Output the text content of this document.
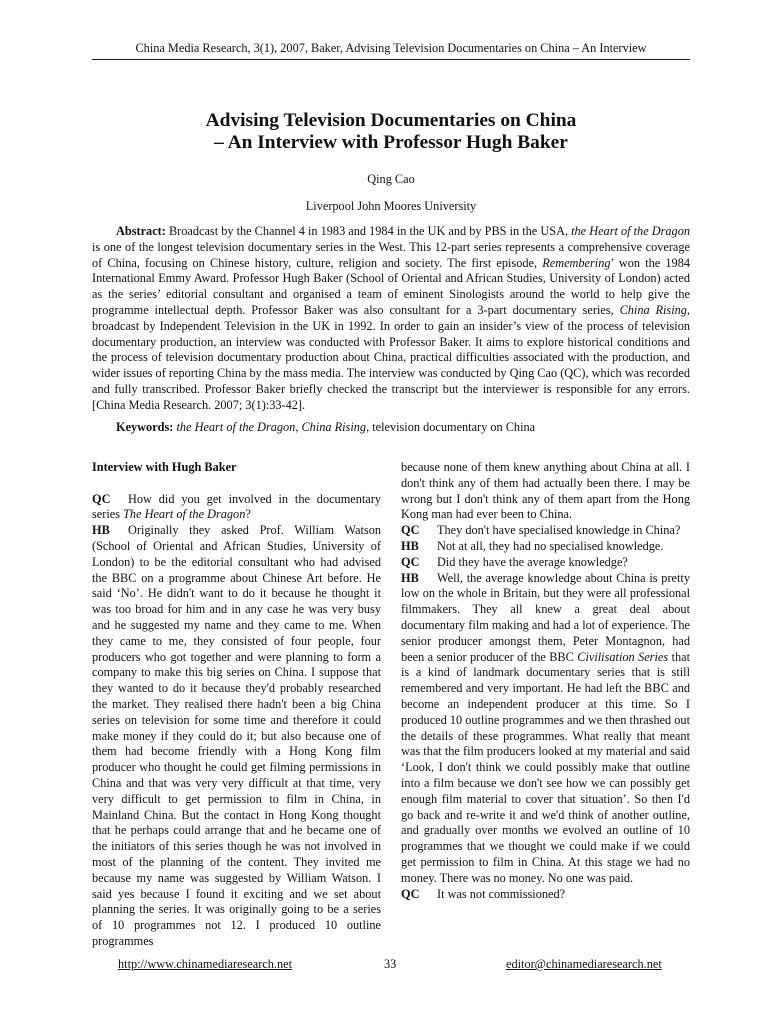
China Media Research, 3(1), 2007, Baker, Advising Television Documentaries on China – An Interview
Advising Television Documentaries on China
– An Interview with Professor Hugh Baker
Qing Cao
Liverpool John Moores University

Abstract: Broadcast by the Channel 4 in 1983 and 1984 in the UK and by PBS in the USA, the Heart of the Dragon is one of the longest television documentary series in the West. This 12-part series represents a comprehensive coverage of China, focusing on Chinese history, culture, religion and society. The first episode, Remembering’ won the 1984 International Emmy Award. Professor Hugh Baker (School of Oriental and African Studies, University of London) acted as the series’ editorial consultant and organised a team of eminent Sinologists around the world to help give the programme intellectual depth. Professor Baker was also consultant for a 3-part documentary series, China Rising, broadcast by Independent Television in the UK in 1992. In order to gain an insider’s view of the process of television documentary production, an interview was conducted with Professor Baker. It aims to explore historical conditions and the process of television documentary production about China, practical difficulties associated with the production, and wider issues of reporting China by the mass media. The interview was conducted by Qing Cao (QC), which was recorded and fully transcribed. Professor Baker briefly checked the transcript but the interviewer is responsible for any errors. [China Media Research. 2007; 3(1):33-42].

Keywords: the Heart of the Dragon, China Rising, television documentary on China

Interview with Hugh Baker

QC How did you get involved in the documentary series The Heart of the Dragon?

HB Originally they asked Prof. William Watson (School of Oriental and African Studies, University of London) to be the editorial consultant who had advised the BBC on a programme about Chinese Art before. He said ‘No’. He didn't want to do it because he thought it was too broad for him and in any case he was very busy and he suggested my name and they came to me. When they came to me, they consisted of four people, four producers who got together and were planning to form a company to make this big series on China. I suppose that they wanted to do it because they'd probably researched the market. They realised there hadn't been a big China series on television for some time and therefore it could make money if they could do it; but also because one of them had become friendly with a Hong Kong film producer who thought he could get filming permissions in China and that was very very difficult at that time, very very difficult to get permission to film in China, in Mainland China. But the contact in Hong Kong thought that he perhaps could arrange that and he became one of the initiators of this series though he was not involved in most of the planning of the content. They invited me because my name was suggested by William Watson. I said yes because I found it exciting and we set about planning the series. It was originally going to be a series of 10 programmes not 12. I produced 10 outline programmes

because none of them knew anything about China at all. I don't think any of them had actually been there. I may be wrong but I don't think any of them apart from the Hong Kong man had ever been to China.

QC They don't have specialised knowledge in China?

HB Not at all, they had no specialised knowledge.

QC Did they have the average knowledge?

HB Well, the average knowledge about China is pretty low on the whole in Britain, but they were all professional filmmakers. They all knew a great deal about documentary film making and had a lot of experience. The senior producer amongst them, Peter Montagnon, had been a senior producer of the BBC Civilisation Series that is a kind of landmark documentary series that is still remembered and very important. He had left the BBC and become an independent producer at this time. So I produced 10 outline programmes and we then thrashed out the details of these programmes. What really that meant was that the film producers looked at my material and said ‘Look, I don't think we could possibly make that outline into a film because we don't see how we can possibly get enough film material to cover that situation’. So then I'd go back and re-write it and we'd think of another outline, and gradually over months we evolved an outline of 10 programmes that we thought we could make if we could get permission to film in China. At this stage we had no money. There was no money. No one was paid.

QC It was not commissioned?

http://www.chinamediaresearch.net	33	editor@chinamediaresearch.net
